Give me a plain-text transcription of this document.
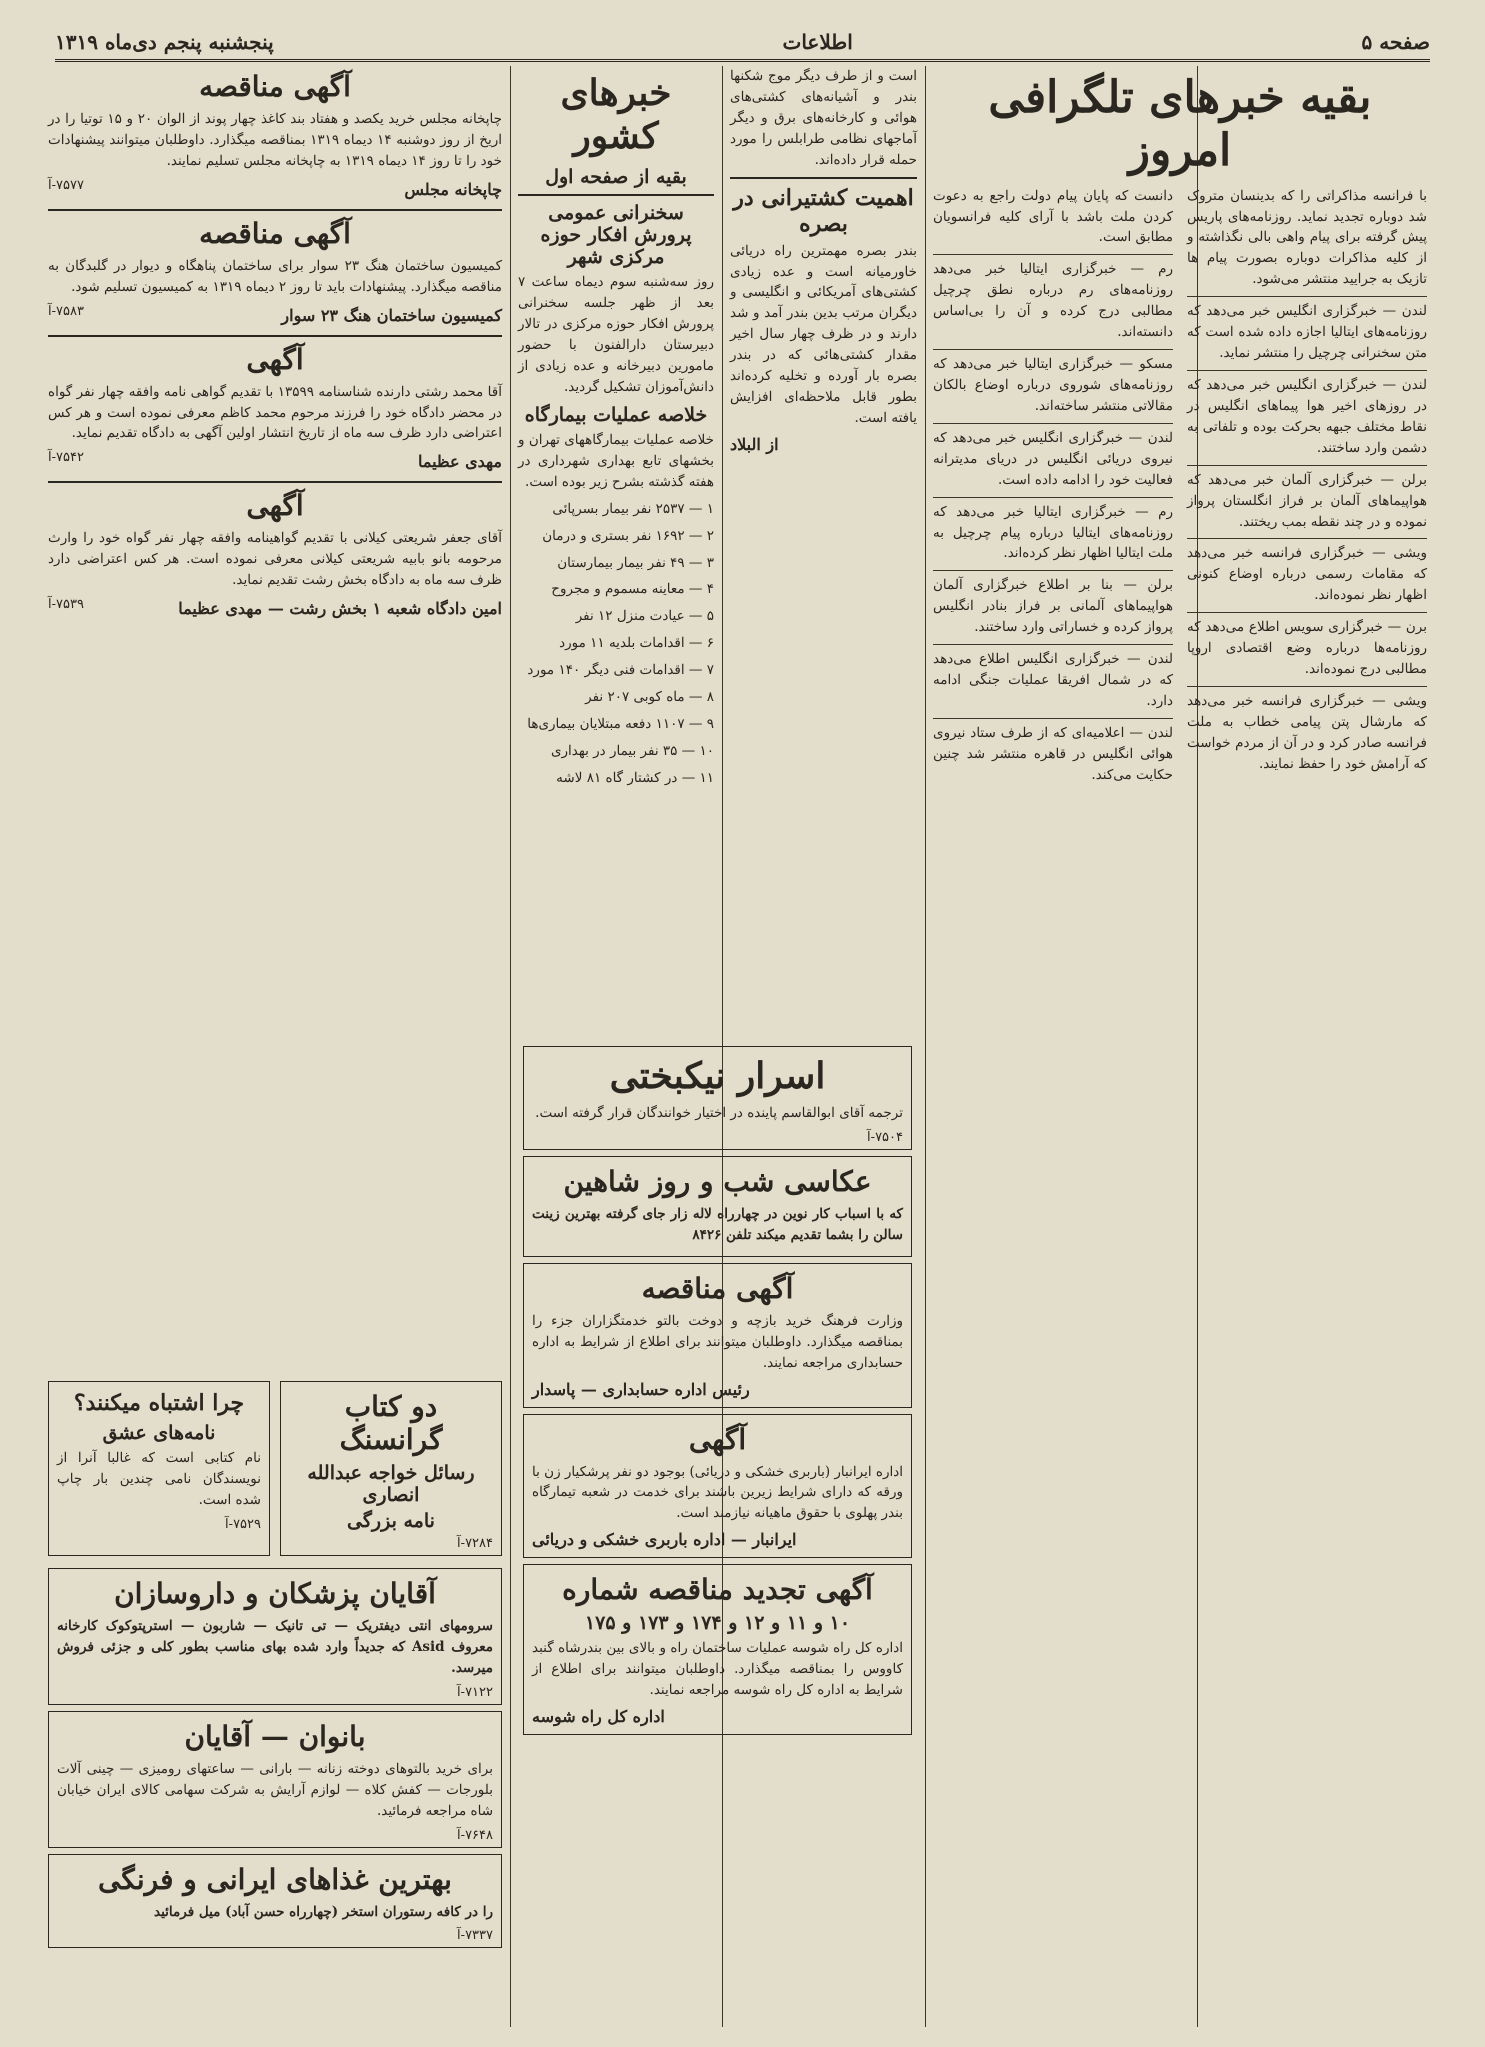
صفحه ۵
اطلاعات
پنجشنبه پنجم دی‌ماه ۱۳۱۹
بقیه خبرهای تلگرافی امروز

با فرانسه مذاکراتی را که بدینسان متروک شد دوباره تجدید نماید. روزنامه‌های پاریس پیش گرفته برای پیام واهی بالی نگذاشته و از کلیه مذاکرات دوباره بصورت پیام ها تازیک به جرایید منتشر می‌شود.

لندن — خبرگزاری انگلیس خبر می‌دهد که روزنامه‌های ایتالیا اجازه داده شده است که متن سخنرانی چرچیل را منتشر نماید.

لندن — خبرگزاری انگلیس خبر می‌دهد که در روزهای اخیر هوا پیماهای انگلیس در نقاط مختلف جبهه بحرکت بوده و تلفاتی به دشمن وارد ساختند.

برلن — خبرگزاری آلمان خبر می‌دهد که هواپیماهای آلمان بر فراز انگلستان پرواز نموده و در چند نقطه بمب ریختند.

ویشی — خبرگزاری فرانسه خبر می‌دهد که مقامات رسمی درباره اوضاع کنونی اظهار نظر نموده‌اند.

برن — خبرگزاری سویس اطلاع می‌دهد که روزنامه‌ها درباره وضع اقتصادی اروپا مطالبی درج نموده‌اند.

ویشی — خبرگزاری فرانسه خبر می‌دهد که مارشال پتن پیامی خطاب به ملت فرانسه صادر کرد و در آن از مردم خواست که آرامش خود را حفظ نمایند.

دانست که پایان پیام دولت راجع به دعوت کردن ملت باشد با آرای کلیه فرانسویان مطابق است.

رم — خبرگزاری ایتالیا خبر می‌دهد روزنامه‌های رم درباره نطق چرچیل مطالبی درج کرده و آن را بی‌اساس دانسته‌اند.

مسکو — خبرگزاری ایتالیا خبر می‌دهد که روزنامه‌های شوروی درباره اوضاع بالکان مقالاتی منتشر ساخته‌اند.

لندن — خبرگزاری انگلیس خبر می‌دهد که نیروی دریائی انگلیس در دریای مدیترانه فعالیت خود را ادامه داده است.

رم — خبرگزاری ایتالیا خبر می‌دهد که روزنامه‌های ایتالیا درباره پیام چرچیل به ملت ایتالیا اظهار نظر کرده‌اند.

برلن — بنا بر اطلاع خبرگزاری آلمان هواپیماهای آلمانی بر فراز بنادر انگلیس پرواز کرده و خساراتی وارد ساختند.

لندن — خبرگزاری انگلیس اطلاع می‌دهد که در شمال افریقا عملیات جنگی ادامه دارد.

لندن — اعلامیه‌ای که از طرف ستاد نیروی هوائی انگلیس در قاهره منتشر شد چنین حکایت می‌کند.

است و از طرف دیگر موج شکنها بندر و آشیانه‌های کشتی‌های هوائی و کارخانه‌های برق و دیگر آماجهای نظامی طرابلس را مورد حمله قرار داده‌اند.

اهمیت کشتیرانی در بصره

بندر بصره مهمترین راه دریائی خاورمیانه است و عده زیادی کشتی‌های آمریکائی و انگلیسی و دیگران مرتب بدین بندر آمد و شد دارند و در ظرف چهار سال اخیر مقدار کشتی‌هائی که در بندر بصره بار آورده و تخلیه کرده‌اند بطور قابل ملاحظه‌ای افزایش یافته است.

از البلاد
خبرهای کشور
بقیه از صفحه اول
سخنرانی عمومی پرورش افکار حوزه مرکزی شهر

روز سه‌شنبه سوم دیماه ساعت ۷ بعد از ظهر جلسه سخنرانی پرورش افکار حوزه مرکزی در تالار دبیرستان دارالفنون با حضور مامورین دبیرخانه و عده زیادی از دانش‌آموزان تشکیل گردید.

خلاصه عملیات بیمارگاه

خلاصه عملیات بیمارگاههای تهران و بخشهای تابع بهداری شهرداری در هفته گذشته بشرح زیر بوده است.

۱ — ۲۵۳۷ نفر بیمار بسرپائی

۲ — ۱۶۹۲ نفر بستری و درمان

۳ — ۴۹ نفر بیمار بیمارستان

۴ — معاینه مسموم و مجروح

۵ — عیادت منزل ۱۲ نفر

۶ — اقدامات بلدیه ۱۱ مورد

۷ — اقدامات فنی دیگر ۱۴۰ مورد

۸ — ماه کوبی ۲۰۷ نفر

۹ — ۱۱۰۷ دفعه مبتلایان بیماری‌ها

۱۰ — ۳۵ نفر بیمار در بهداری

۱۱ — در کشتار گاه ۸۱ لاشه

آگهی مناقصه

چاپخانه مجلس خرید یکصد و هفتاد بند کاغذ چهار پوند از الوان ۲۰ و ۱۵ توتیا را در اریخ از روز دوشنبه ۱۴ دیماه ۱۳۱۹ بمناقصه میگذارد. داوطلبان میتوانند پیشنهادات خود را تا روز ۱۴ دیماه ۱۳۱۹ به چاپخانه مجلس تسلیم نمایند.

چاپخانه مجلس
۷۵۷۷-آ
آگهی مناقصه

کمیسیون ساختمان هنگ ۲۳ سوار برای ساختمان پناهگاه و دیوار در گلبدگان به مناقصه میگذارد. پیشنهادات باید تا روز ۲ دیماه ۱۳۱۹ به کمیسیون تسلیم شود.

کمیسیون ساختمان هنگ ۲۳ سوار
۷۵۸۳-آ
آگهی

آقا محمد رشتی دارنده شناسنامه ۱۳۵۹۹ با تقدیم گواهی نامه وافقه چهار نفر گواه در محضر دادگاه خود را فرزند مرحوم محمد کاظم معرفی نموده است و هر کس اعتراضی دارد ظرف سه ماه از تاریخ انتشار اولین آگهی به دادگاه تقدیم نماید.

مهدی عظیما
۷۵۴۲-آ
آگهی

آقای جعفر شریعتی کیلانی با تقدیم گواهینامه وافقه چهار نفر گواه خود را وارث مرحومه بانو بابیه شریعتی کیلانی معرفی نموده است. هر کس اعتراضی دارد ظرف سه ماه به دادگاه بخش رشت تقدیم نماید.

امین دادگاه شعبه ۱ بخش رشت — مهدی عظیما
۷۵۳۹-آ
اسرار نیکبختی

ترجمه آقای ابوالقاسم پاینده در اختیار خوانندگان قرار گرفته است.

۷۵۰۴-آ
عکاسی شب و روز شاهین

که با اسباب کار نوین در چهارراه لاله زار جای گرفته بهترین زینت سالن را بشما تقدیم میکند تلفن ۸۴۲۶

آگهی مناقصه

وزارت فرهنگ خرید بازچه و دوخت بالتو خدمتگزاران جزء را بمناقصه میگذارد. داوطلبان میتوانند برای اطلاع از شرایط به اداره حسابداری مراجعه نمایند.

رئیس اداره حسابداری — پاسدار
آگهی

اداره ایرانبار (باربری خشکی و دریائی) بوجود دو نفر پرشکیار زن با ورقه که دارای شرایط زیرین باشند برای خدمت در شعبه تیمارگاه بندر پهلوی با حقوق ماهیانه نیازمند است.

ایرانبار — اداره باربری خشکی و دریائی
آگهی تجدید مناقصه شماره
۱۰ و ۱۱ و ۱۲ و ۱۷۴ و ۱۷۳ و ۱۷۵

اداره کل راه شوسه عملیات ساختمان راه و بالای بین بندرشاه گنبد کاووس را بمناقصه میگذارد. داوطلبان میتوانند برای اطلاع از شرایط به اداره کل راه شوسه مراجعه نمایند.

اداره کل راه شوسه
دو کتاب گرانسنگ
رسائل خواجه عبدالله انصاری
نامه بزرگی
۷۲۸۴-آ
چرا اشتباه میکنند؟
نامه‌های عشق

نام کتابی است که غالبا آنرا از نویسندگان نامی چندین بار چاپ شده است.

۷۵۲۹-آ
آقایان پزشکان و داروسازان

سرومهای انتی دیفتریک — تی تانیک — شاربون — استرپتوکوک کارخانه معروف Asid که جدیداً وارد شده بهای مناسب بطور کلی و جزئی فروش میرسد.

۷۱۲۲-آ
بانوان — آقایان

برای خرید بالتوهای دوخته زنانه — بارانی — ساعتهای رومیزی — چینی آلات بلورجات — کفش کلاه — لوازم آرایش به شرکت سهامی کالای ایران خیابان شاه مراجعه فرمائید.

۷۶۴۸-آ
بهترین غذاهای ایرانی و فرنگی

را در کافه رستوران استخر (چهارراه حسن آباد) میل فرمائید

۷۳۳۷-آ
